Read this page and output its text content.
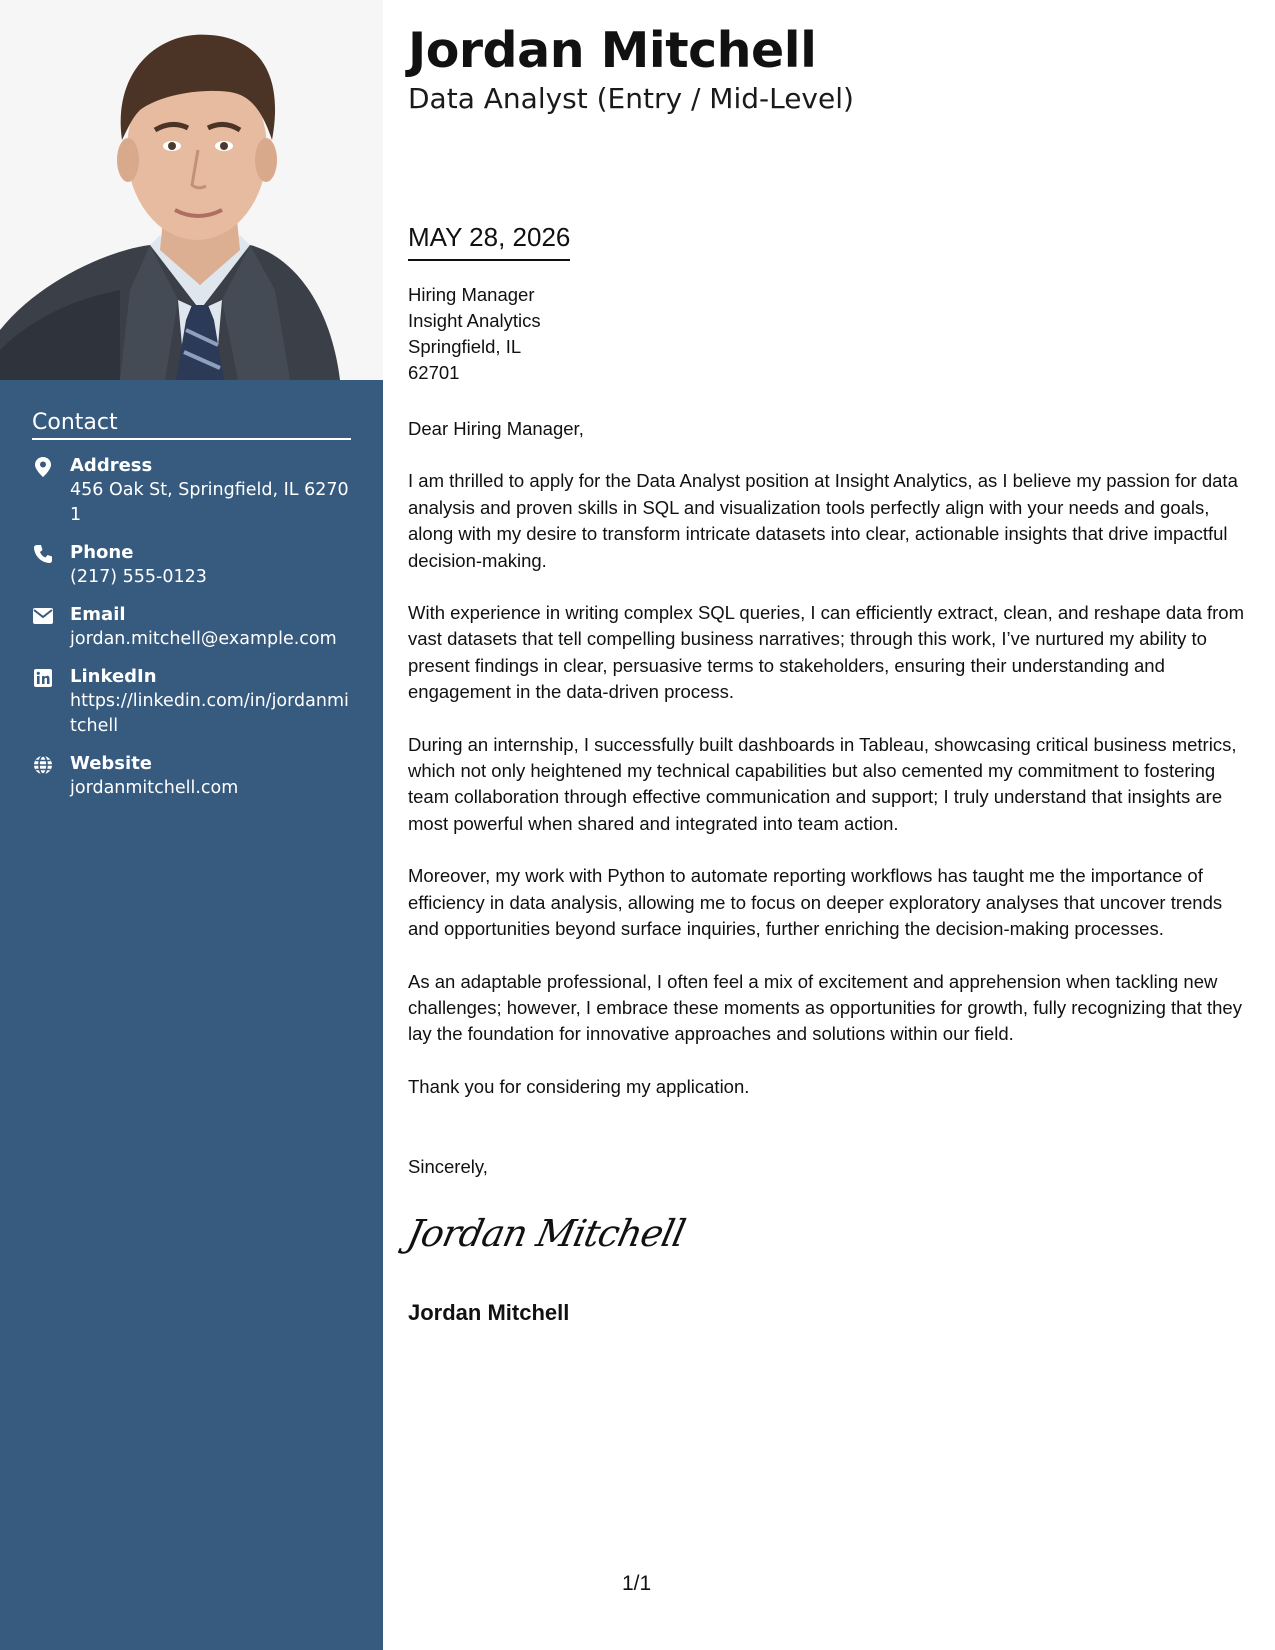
Contact
Address
456 Oak St, Springfield, IL 62701
Phone
(217) 555-0123
Email
jordan.mitchell@example.com
LinkedIn
https://linkedin.com/in/jordanmitchell
Website
jordanmitchell.com
Jordan Mitchell
Data Analyst (Entry / Mid-Level)
MAY 28, 2026
Hiring Manager
Insight Analytics
Springfield, IL
62701

Dear Hiring Manager,

I am thrilled to apply for the Data Analyst position at Insight Analytics, as I believe my passion for data analysis and proven skills in SQL and visualization tools perfectly align with your needs and goals, along with my desire to transform intricate datasets into clear, actionable insights that drive impactful decision-making.

With experience in writing complex SQL queries, I can efficiently extract, clean, and reshape data from vast datasets that tell compelling business narratives; through this work, I’ve nurtured my ability to present findings in clear, persuasive terms to stakeholders, ensuring their understanding and engagement in the data-driven process.

During an internship, I successfully built dashboards in Tableau, showcasing critical business metrics, which not only heightened my technical capabilities but also cemented my commitment to fostering team collaboration through effective communication and support; I truly understand that insights are most powerful when shared and integrated into team action.

Moreover, my work with Python to automate reporting workflows has taught me the importance of efficiency in data analysis, allowing me to focus on deeper exploratory analyses that uncover trends and opportunities beyond surface inquiries, further enriching the decision-making processes.

As an adaptable professional, I often feel a mix of excitement and apprehension when tackling new challenges; however, I embrace these moments as opportunities for growth, fully recognizing that they lay the foundation for innovative approaches and solutions within our field.

Thank you for considering my application.

Sincerely,
Jordan Mitchell
Jordan Mitchell
1/1
